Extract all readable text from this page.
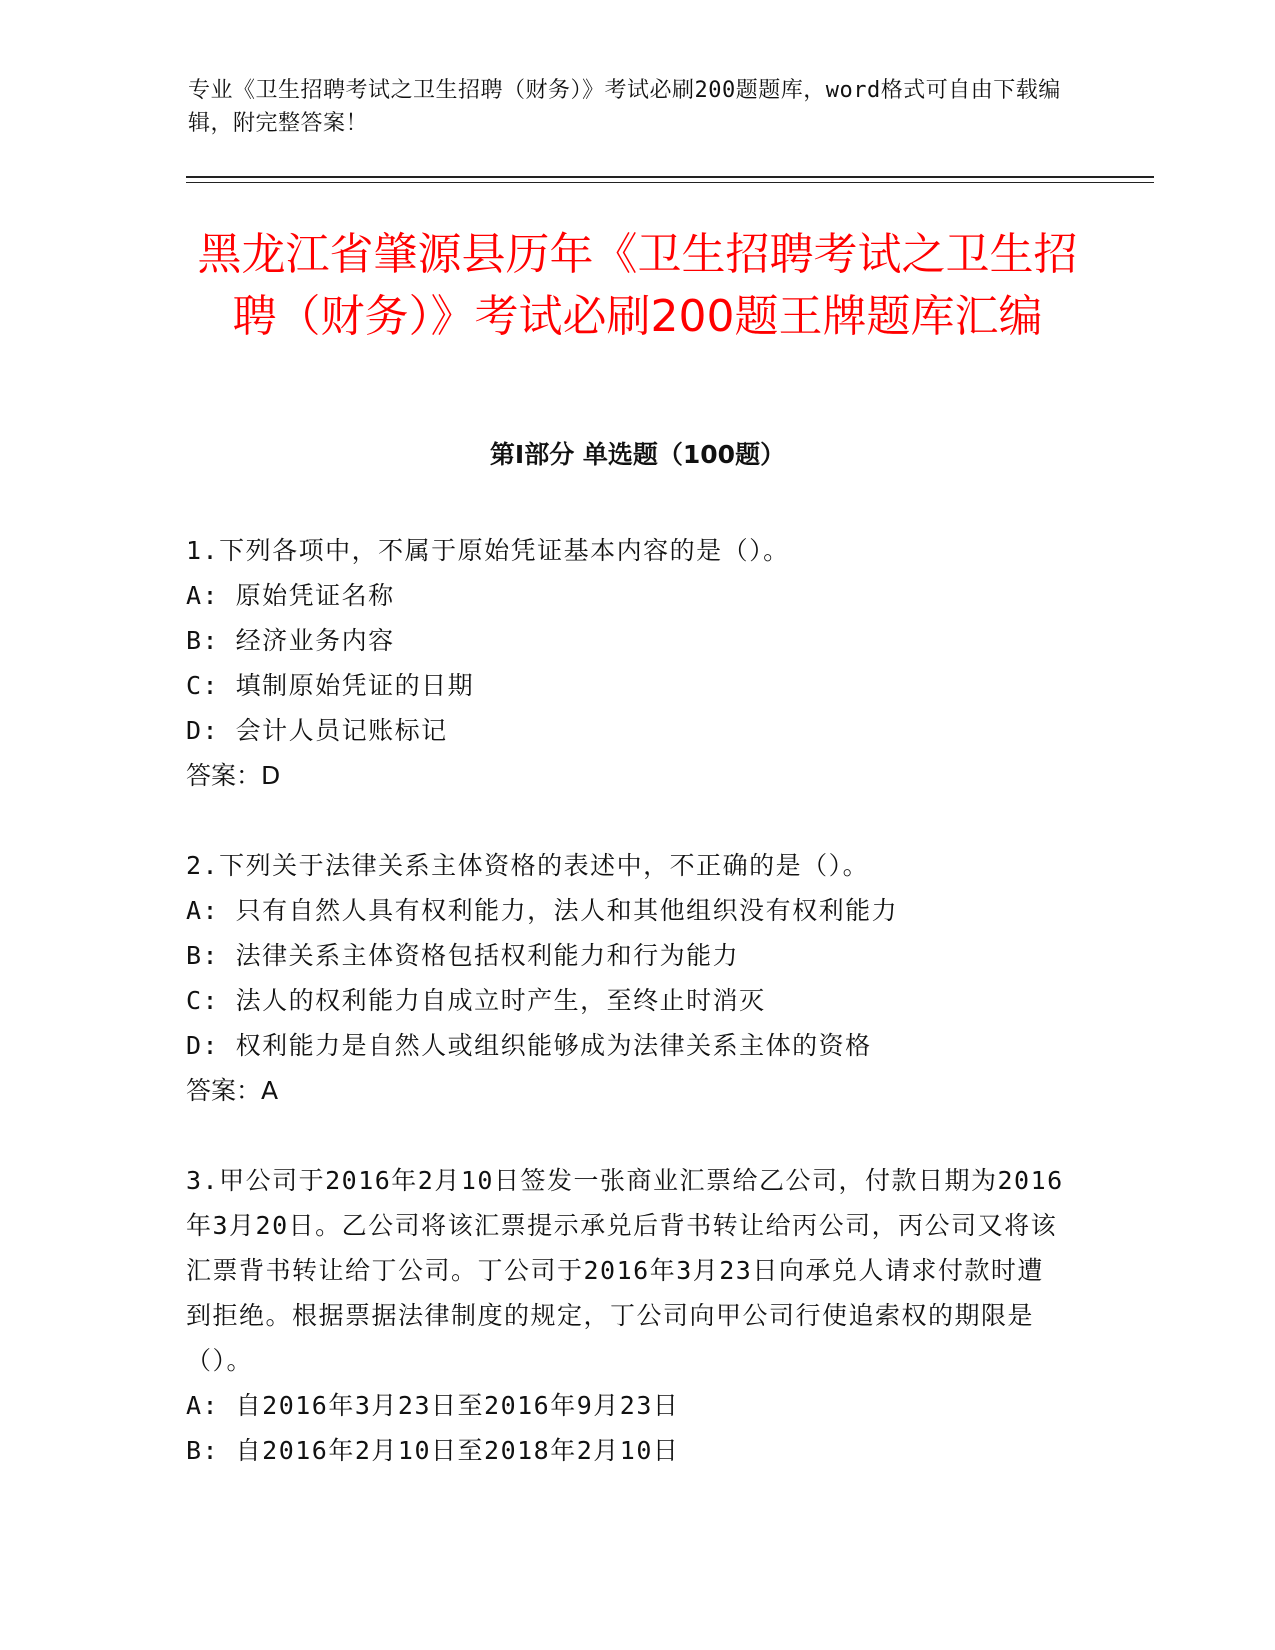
专业《卫生招聘考试之卫生招聘（财务）》考试必刷200题题库，word格式可自由下载编辑，附完整答案！
黑龙江省肇源县历年《卫生招聘考试之卫生招聘（财务）》考试必刷200题王牌题库汇编
第I部分 单选题（100题）

1.下列各项中，不属于原始凭证基本内容的是（）。

A: 原始凭证名称

B: 经济业务内容

C: 填制原始凭证的日期

D: 会计人员记账标记

答案：D

2.下列关于法律关系主体资格的表述中，不正确的是（）。

A: 只有自然人具有权利能力，法人和其他组织没有权利能力

B: 法律关系主体资格包括权利能力和行为能力

C: 法人的权利能力自成立时产生，至终止时消灭

D: 权利能力是自然人或组织能够成为法律关系主体的资格

答案：A

3.甲公司于2016年2月10日签发一张商业汇票给乙公司，付款日期为2016年3月20日。乙公司将该汇票提示承兑后背书转让给丙公司，丙公司又将该汇票背书转让给丁公司。丁公司于2016年3月23日向承兑人请求付款时遭到拒绝。根据票据法律制度的规定，丁公司向甲公司行使追索权的期限是（）。

A: 自2016年3月23日至2016年9月23日

B: 自2016年2月10日至2018年2月10日
